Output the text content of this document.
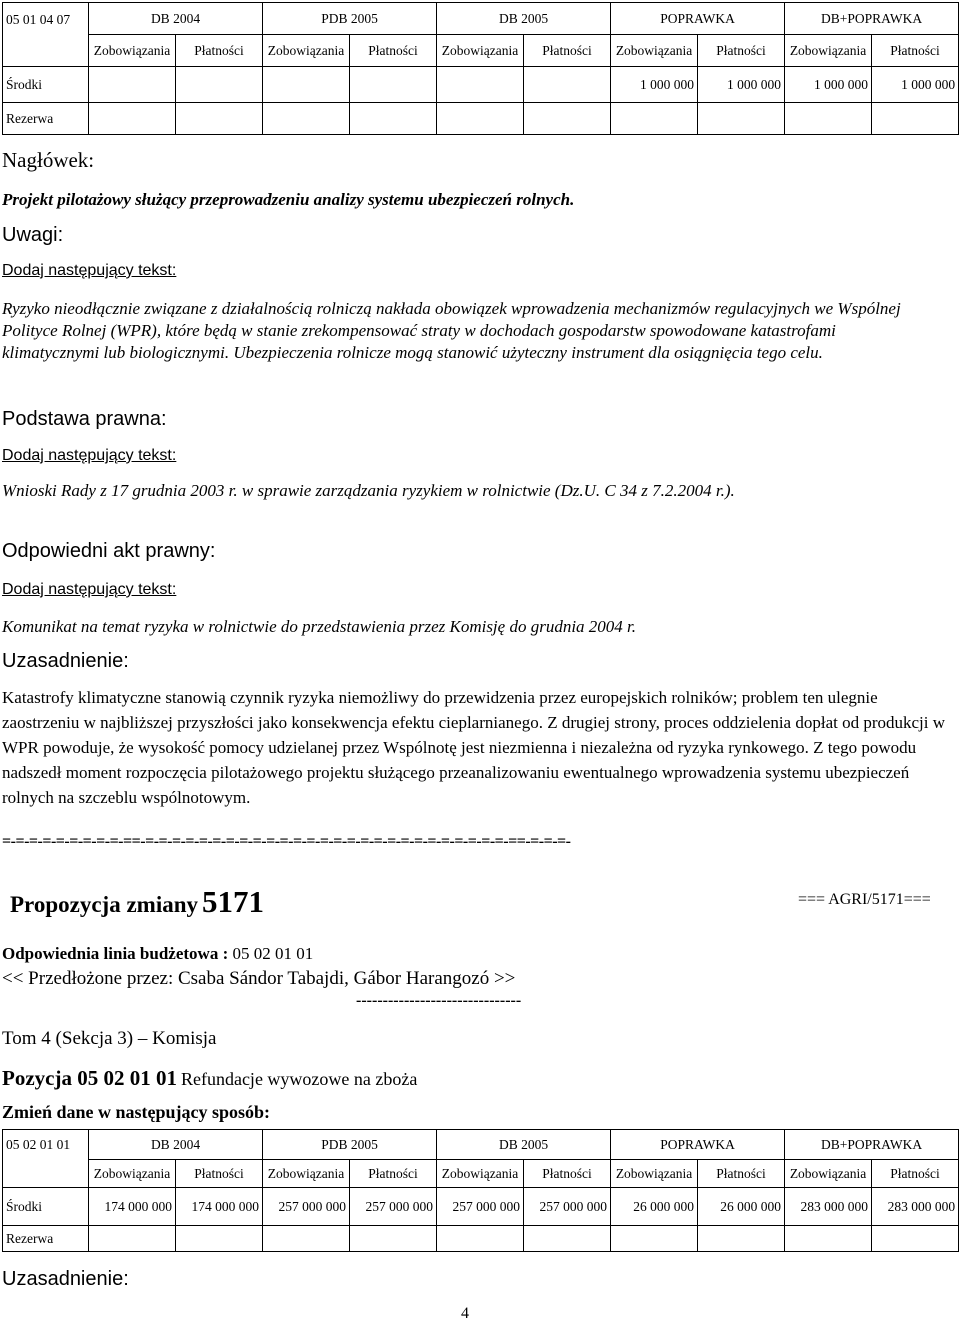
05 01 04 07	DB 2004		PDB 2005		DB 2005		POPRAWKA		DB+POPRAWKA	
	Zobowiązania	Płatności	Zobowiązania	Płatności	Zobowiązania	Płatności	Zobowiązania	Płatności	Zobowiązania	Płatności
Środki							1 000 000	1 000 000	1 000 000	1 000 000
Rezerwa										
Nagłówek:
Projekt pilotażowy służący przeprowadzeniu analizy systemu ubezpieczeń rolnych.
Uwagi:
Dodaj następujący tekst:
Ryzyko nieodłącznie związane z działalnością rolniczą nakłada obowiązek wprowadzenia mechanizmów regulacyjnych we Wspólnej Polityce Rolnej (WPR), które będą w stanie zrekompensować straty w dochodach gospodarstw spowodowane katastrofami klimatycznymi lub biologicznymi. Ubezpieczenia rolnicze mogą stanowić użyteczny instrument dla osiągnięcia tego celu.
Podstawa prawna:
Dodaj następujący tekst:
Wnioski Rady z 17 grudnia 2003 r. w sprawie zarządzania ryzykiem w rolnictwie (Dz.U. C 34 z 7.2.2004 r.).
Odpowiedni akt prawny:
Dodaj następujący tekst:
Komunikat na temat ryzyka w rolnictwie do przedstawienia przez Komisję do grudnia 2004 r.
Uzasadnienie:
Katastrofy klimatyczne stanowią czynnik ryzyka niemożliwy do przewidzenia przez europejskich rolników; problem ten ulegnie zaostrzeniu w najbliższej przyszłości jako konsekwencja efektu cieplarnianego. Z drugiej strony, proces oddzielenia dopłat od produkcji w WPR powoduje, że wysokość pomocy udzielanej przez Wspólnotę jest niezmienna i niezależna od ryzyka rynkowego. Z tego powodu nadszedł moment rozpoczęcia pilotażowego projektu służącego przeanalizowaniu ewentualnego wprowadzenia systemu ubezpieczeń rolnych na szczeblu wspólnotowym.
=-=-=-=-=-=-=-=-=-==-=-=-=-=-=-=-=-=-=-=-=-=-=-=-=-=-=-=-=-=-=-=-=-=-=-=-=-==-=-=-=-
Propozycja zmiany 5171	=== AGRI/5171===
Odpowiednia linia budżetowa : 05 02 01 01
<< Przedłożone przez: Csaba Sándor Tabajdi, Gábor Harangozó >>
-------------------------------
Tom 4 (Sekcja 3) – Komisja
Pozycja 05 02 01 01 Refundacje wywozowe na zboża
Zmień dane w następujący sposób:
05 02 01 01	DB 2004		PDB 2005		DB 2005		POPRAWKA		DB+POPRAWKA	
	Zobowiązania	Płatności	Zobowiązania	Płatności	Zobowiązania	Płatności	Zobowiązania	Płatności	Zobowiązania	Płatności
Środki	174 000 000	174 000 000	257 000 000	257 000 000	257 000 000	257 000 000	26 000 000	26 000 000	283 000 000	283 000 000
Rezerwa										
Uzasadnienie:
4
